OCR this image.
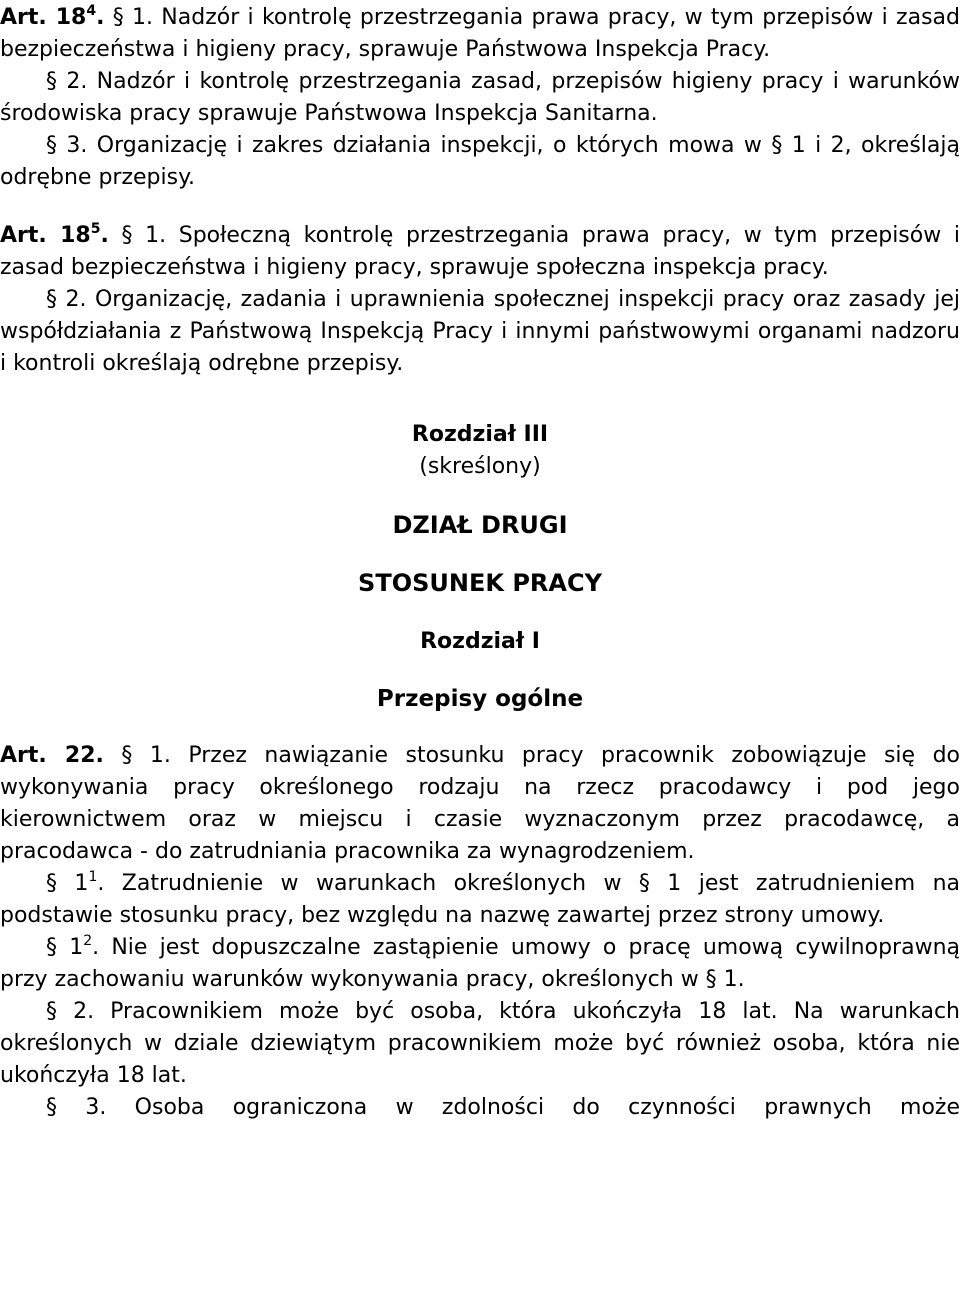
Art. $18^4$. § 1. Nadzór i kontrolę przestrzegania prawa pracy, w tym przepisów i zasad bezpieczeństwa i higieny pracy, sprawuje Państwowa Inspekcja Pracy.

§ 2. Nadzór i kontrolę przestrzegania zasad, przepisów higieny pracy i warunków środowiska pracy sprawuje Państwowa Inspekcja Sanitarna.

§ 3. Organizację i zakres działania inspekcji, o których mowa w § 1 i 2, określają odrębne przepisy.

Art. $18^5$. § 1. Społeczną kontrolę przestrzegania prawa pracy, w tym przepisów i zasad bezpieczeństwa i higieny pracy, sprawuje społeczna inspekcja pracy.

§ 2. Organizację, zadania i uprawnienia społecznej inspekcji pracy oraz zasady jej współdziałania z Państwową Inspekcją Pracy i innymi państwowymi organami nadzoru i kontroli określają odrębne przepisy.

Rozdział III
(skreślony)
DZIAŁ DRUGI
STOSUNEK PRACY
Rozdział I
Przepisy ogólne

Art. 22. § 1. Przez nawiązanie stosunku pracy pracownik zobowiązuje się do wykonywania pracy określonego rodzaju na rzecz pracodawcy i pod jego kierownictwem oraz w miejscu i czasie wyznaczonym przez pracodawcę, a pracodawca - do zatrudniania pracownika za wynagrodzeniem.

§ $1^1$. Zatrudnienie w warunkach określonych w § 1 jest zatrudnieniem na podstawie stosunku pracy, bez względu na nazwę zawartej przez strony umowy.

§ $1^2$. Nie jest dopuszczalne zastąpienie umowy o pracę umową cywilnoprawną przy zachowaniu warunków wykonywania pracy, określonych w § 1.

§ 2. Pracownikiem może być osoba, która ukończyła 18 lat. Na warunkach określonych w dziale dziewiątym pracownikiem może być również osoba, która nie ukończyła 18 lat.

§ 3. Osoba ograniczona w zdolności do czynności prawnych może
